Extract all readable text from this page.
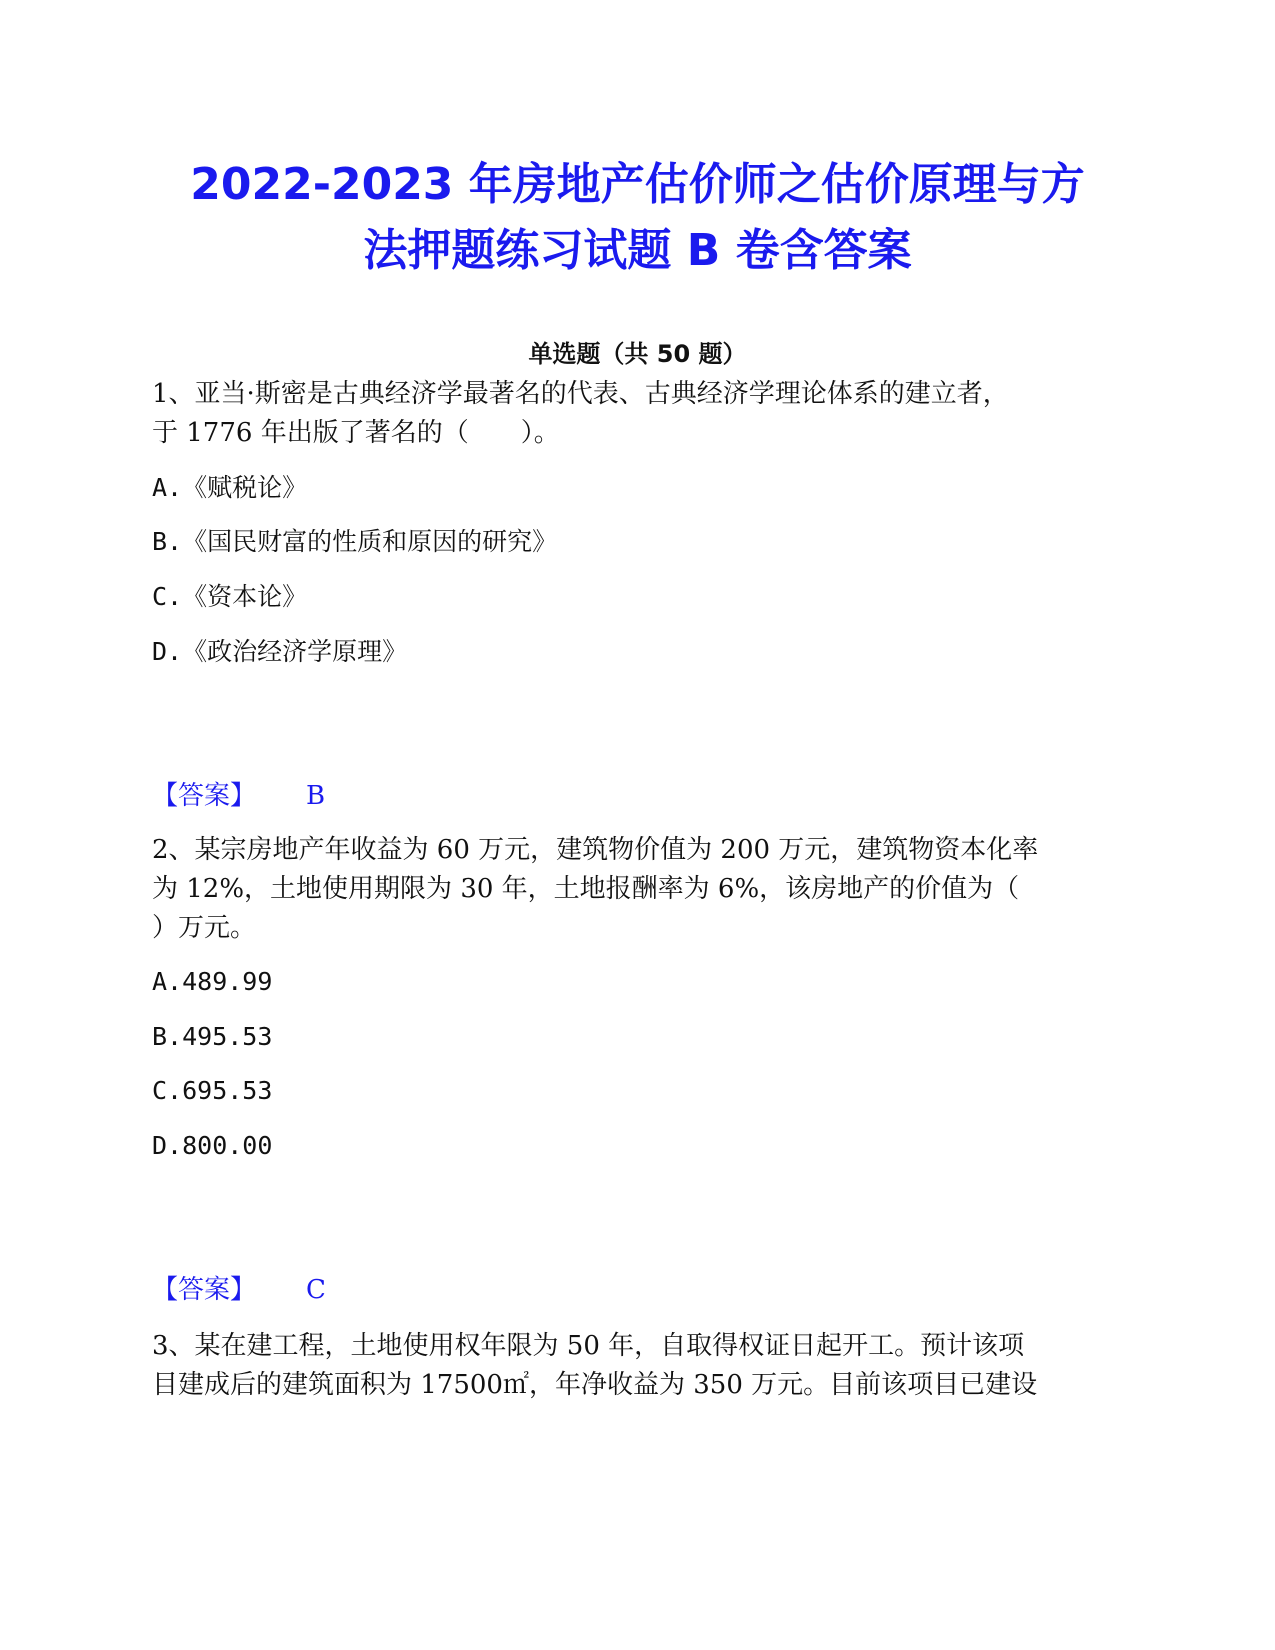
2022-2023 年房地产估价师之估价原理与方
法押题练习试题 B 卷含答案
单选题（共 50 题）
1、亚当·斯密是古典经济学最著名的代表、古典经济学理论体系的建立者，
于 1776 年出版了著名的（　　）。
A.《赋税论》
B.《国民财富的性质和原因的研究》
C.《资本论》
D.《政治经济学原理》
【答案】 B
2、某宗房地产年收益为 60 万元，建筑物价值为 200 万元，建筑物资本化率
为 12%，土地使用期限为 30 年，土地报酬率为 6%，该房地产的价值为（
）万元。
A.489.99
B.495.53
C.695.53
D.800.00
【答案】 C
3、某在建工程，土地使用权年限为 50 年，自取得权证日起开工。预计该项
目建成后的建筑面积为 17500㎡，年净收益为 350 万元。目前该项目已建设
